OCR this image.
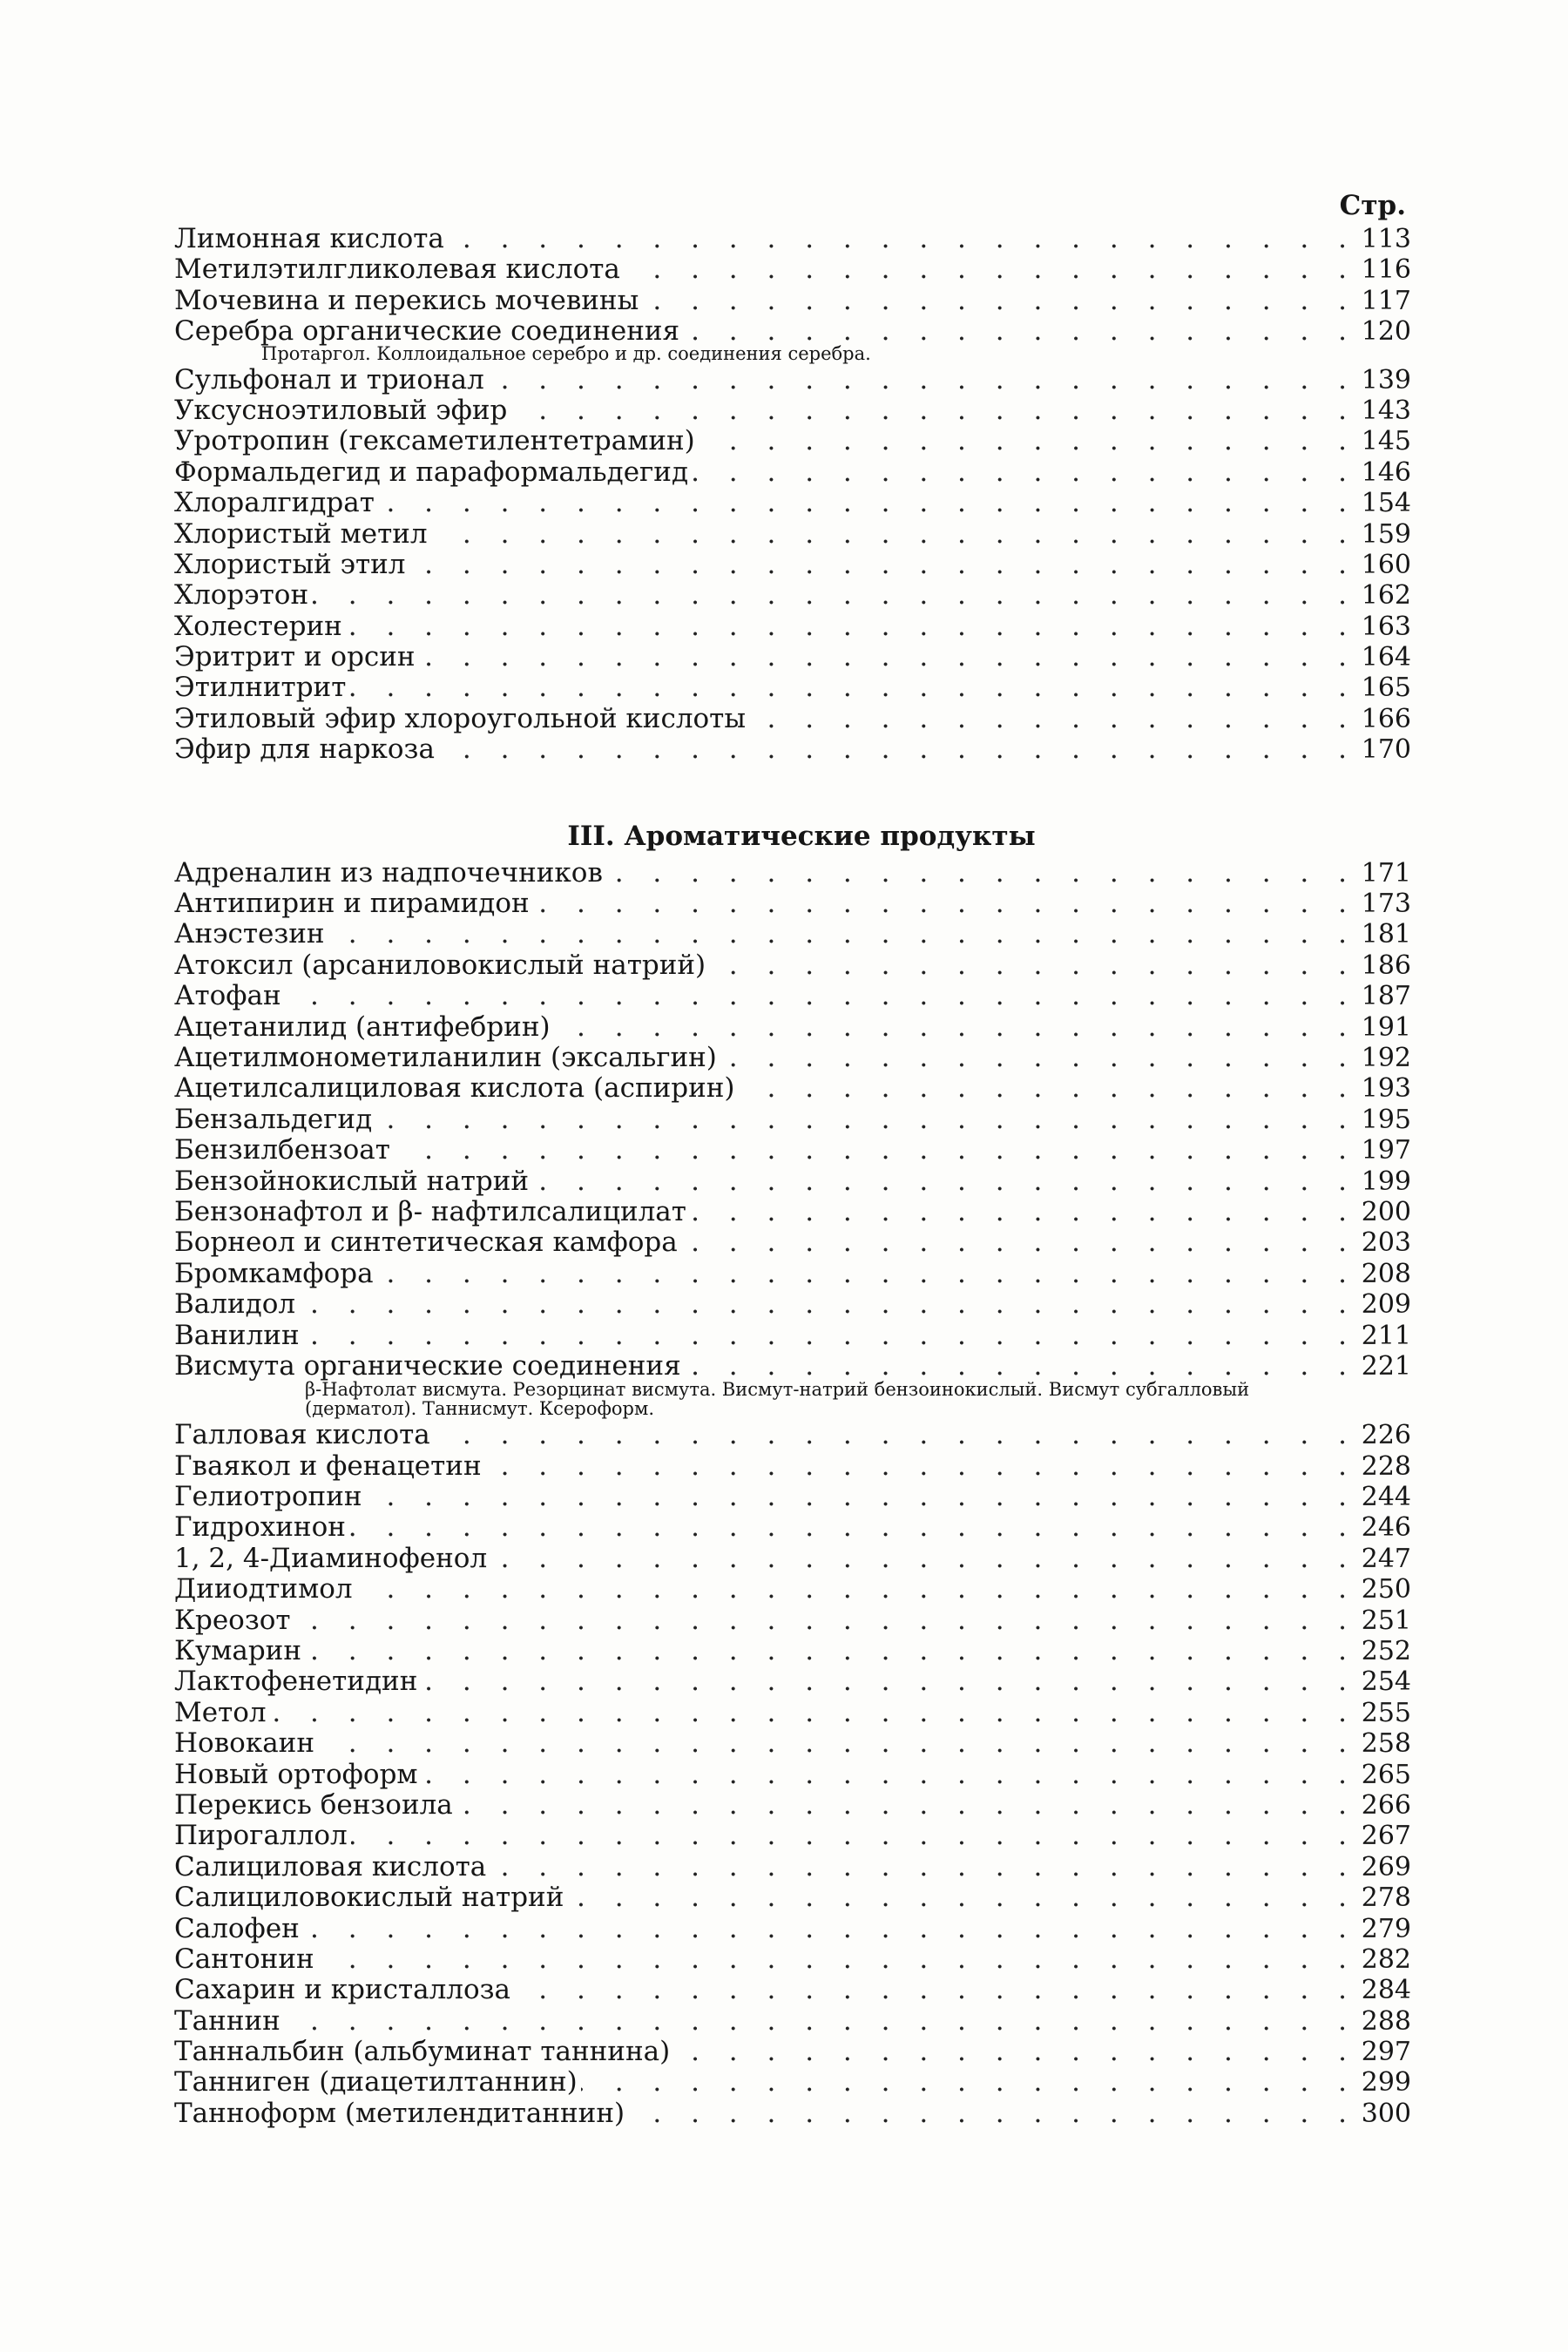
Стр.
Лимонная кислота . . .	113
Метилэтилгликолевая кислота . . .	116
Мочевина и перекись мочевины . . .	117
Серебра органические соединения . . .	120
Протаргол. Коллоидальное серебро и др. соединения серебра.
Сульфонал и трионал . . .	139
Уксусноэтиловый эфир . . .	143
Уротропин (гексаметилентетрамин) . . .	145
Формальдегид и параформальдегид . . .	146
Хлоралгидрат . . .	154
Хлористый метил . . .	159
Хлористый этил . . .	160
Хлорэтон . . .	162
Холестерин . . .	163
Эритрит и орсин . . .	164
Этилнитрит . . .	165
Этиловый эфир хлороугольной кислоты . . .	166
Эфир для наркоза . . .	170
III. Ароматические продукты
Адреналин из надпочечников . . .	171
Антипирин и пирамидон . . .	173
Анэстезин . . .	181
Атоксил (арсаниловокислый натрий) . . .	186
Атофан . . .	187
Ацетанилид (антифебрин) . . .	191
Ацетилмонометиланилин (эксальгин) . . .	192
Ацетилсалициловая кислота (аспирин) . . .	193
Бензальдегид . . .	195
Бензилбензоат . . .	197
Бензойнокислый натрий . . .	199
Бензонафтол и β- нафтилсалицилат . . .	200
Борнеол и синтетическая камфора . . .	203
Бромкамфора . . .	208
Валидол . . .	209
Ванилин . . .	211
Висмута органические соединения . . .	221
β-Нафтолат висмута. Резорцинат висмута. Висмут-натрий бензоинокислый. Висмут субгалловый (дерматол). Таннисмут. Ксероформ.
Галловая кислота . . .	226
Гваякол и фенацетин . . .	228
Гелиотропин . . .	244
Гидрохинон . . .	246
1, 2, 4-Диаминофенол . . .	247
Дииодтимол . . .	250
Креозот . . .	251
Кумарин . . .	252
Лактофенетидин . . .	254
Метол . . .	255
Новокаин . . .	258
Новый ортоформ . . .	265
Перекись бензоила . . .	266
Пирогаллол . . .	267
Салициловая кислота . . .	269
Салициловокислый натрий . . .	278
Салофен . . .	279
Сантонин . . .	282
Сахарин и кристаллоза . . .	284
Таннин . . .	288
Таннальбин (альбуминат таннина) . . .	297
Танниген (диацетилтаннин) . . .	299
Таннoформ (метилендитаннин) . . .	300
